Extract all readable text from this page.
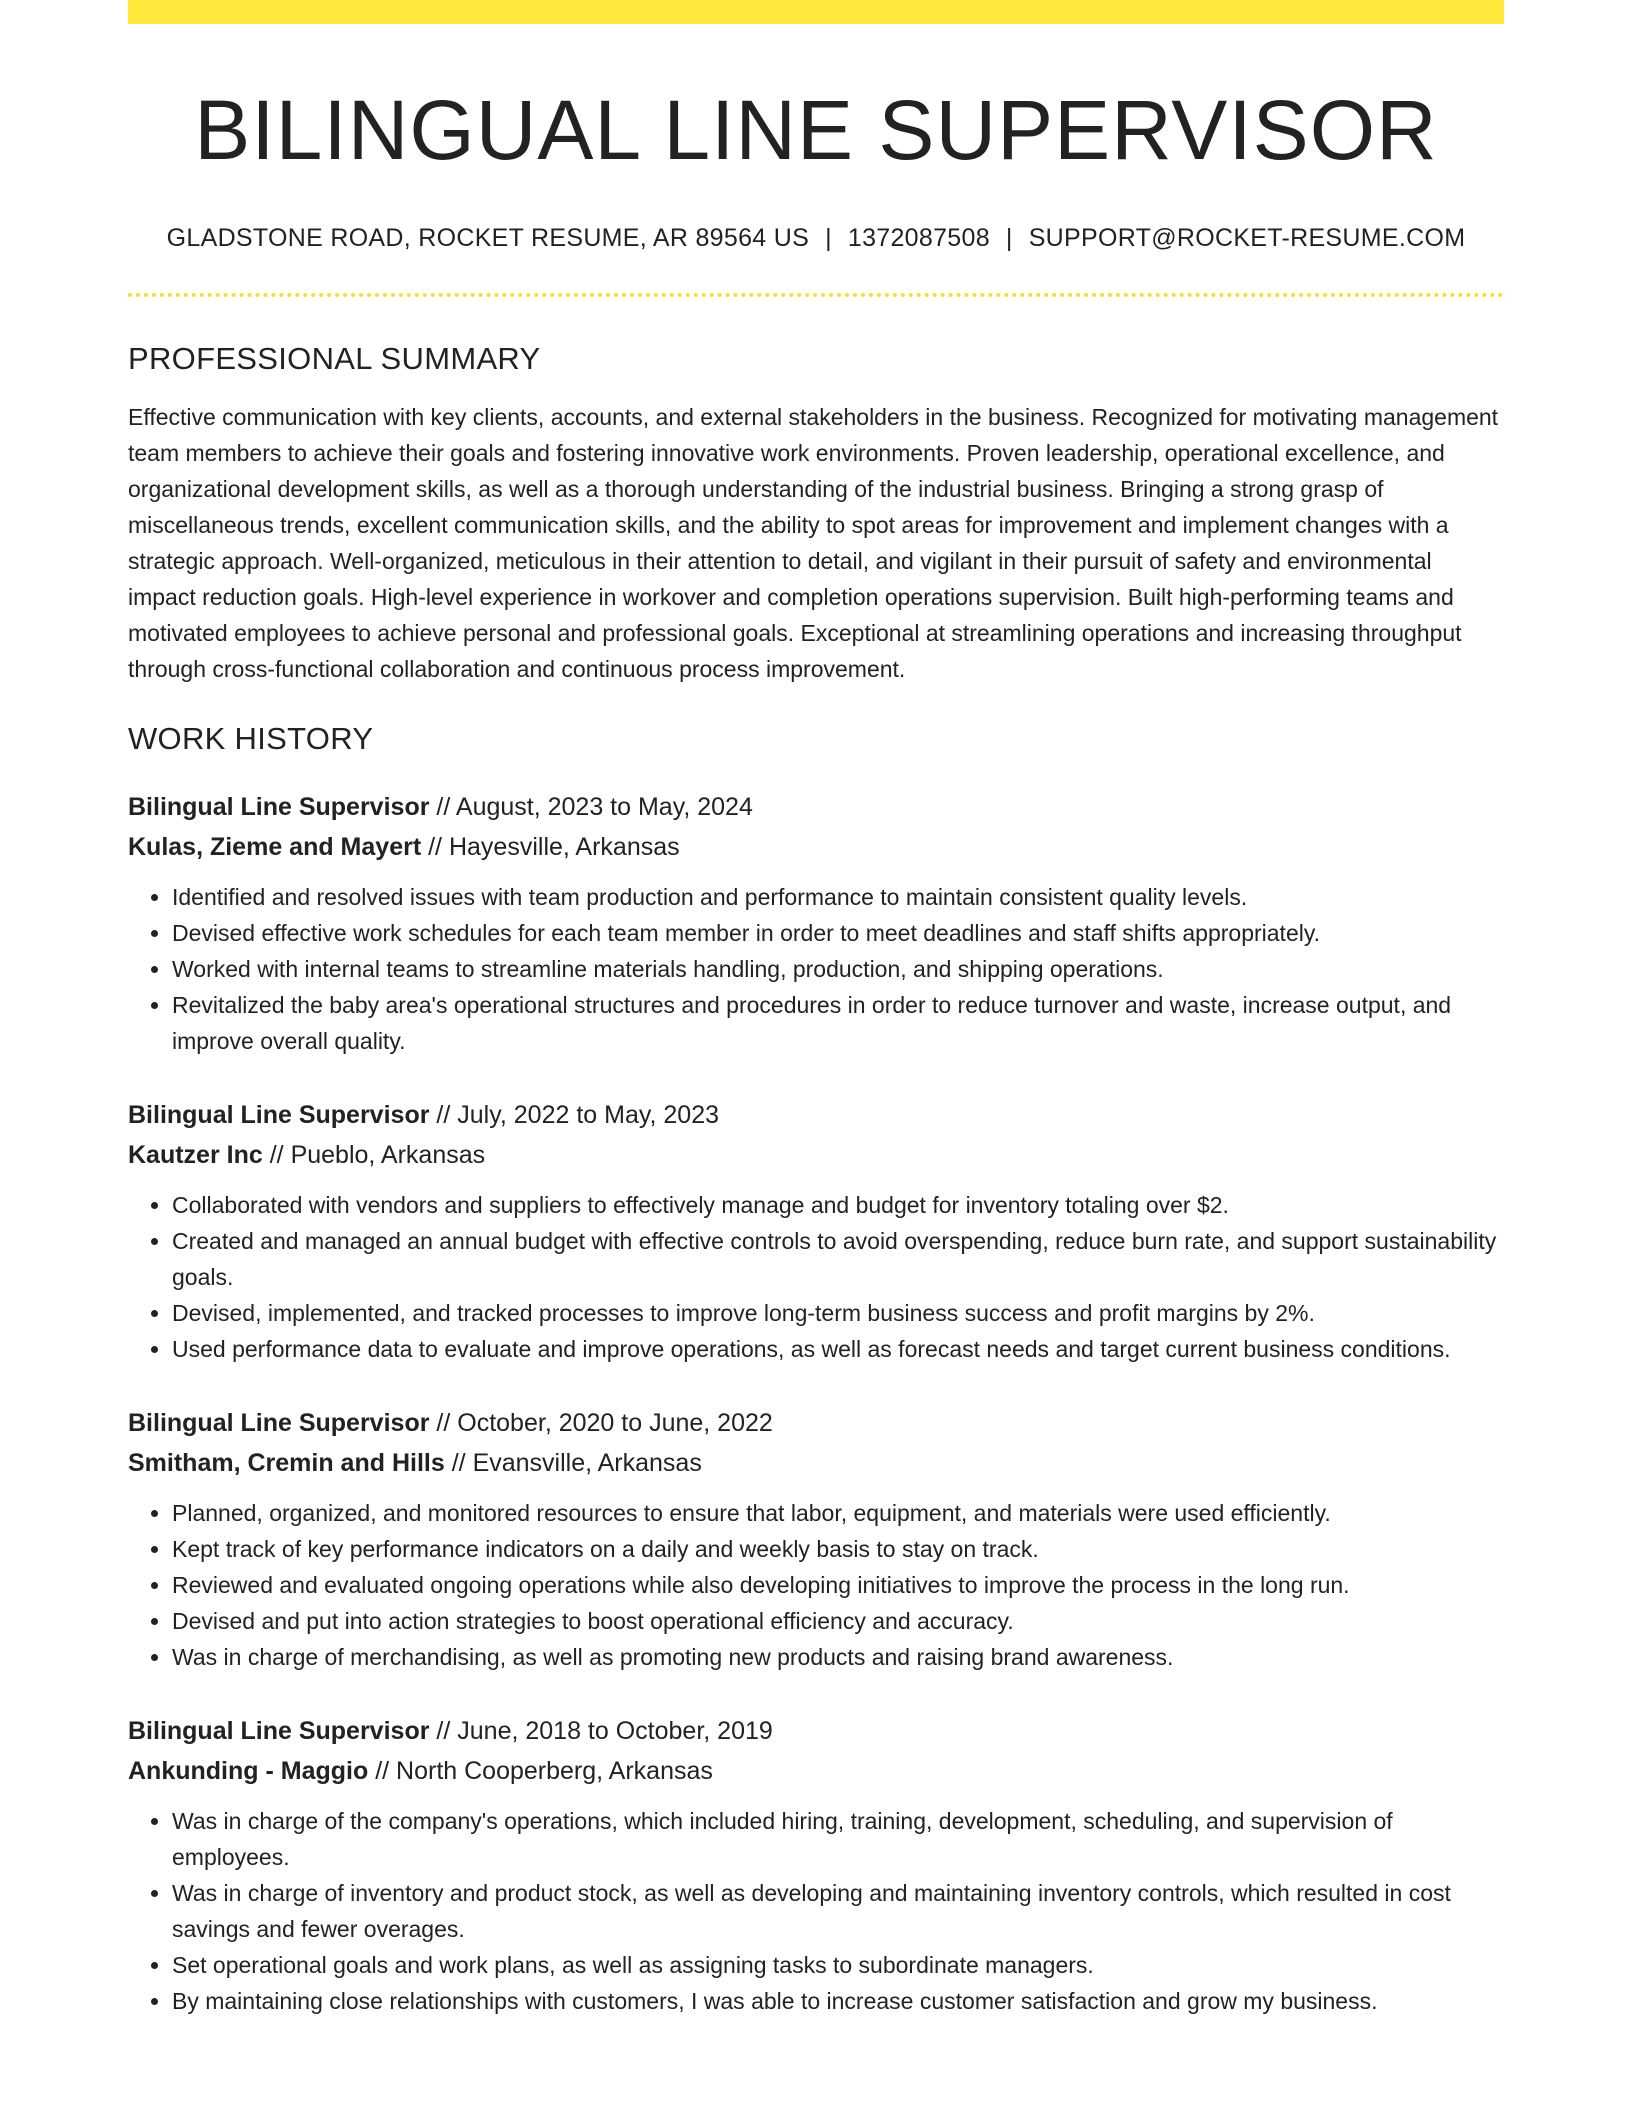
BILINGUAL LINE SUPERVISOR
GLADSTONE ROAD, ROCKET RESUME, AR 89564 US | 1372087508 | SUPPORT@ROCKET-RESUME.COM
PROFESSIONAL SUMMARY
Effective communication with key clients, accounts, and external stakeholders in the business. Recognized for motivating management team members to achieve their goals and fostering innovative work environments. Proven leadership, operational excellence, and organizational development skills, as well as a thorough understanding of the industrial business. Bringing a strong grasp of miscellaneous trends, excellent communication skills, and the ability to spot areas for improvement and implement changes with a strategic approach. Well-organized, meticulous in their attention to detail, and vigilant in their pursuit of safety and environmental impact reduction goals. High-level experience in workover and completion operations supervision. Built high-performing teams and motivated employees to achieve personal and professional goals. Exceptional at streamlining operations and increasing throughput through cross-functional collaboration and continuous process improvement.
WORK HISTORY
Bilingual Line Supervisor // August, 2023 to May, 2024
Kulas, Zieme and Mayert // Hayesville, Arkansas
• Identified and resolved issues with team production and performance to maintain consistent quality levels.
• Devised effective work schedules for each team member in order to meet deadlines and staff shifts appropriately.
• Worked with internal teams to streamline materials handling, production, and shipping operations.
• Revitalized the baby area's operational structures and procedures in order to reduce turnover and waste, increase output, and improve overall quality.
Bilingual Line Supervisor // July, 2022 to May, 2023
Kautzer Inc // Pueblo, Arkansas
• Collaborated with vendors and suppliers to effectively manage and budget for inventory totaling over $2.
• Created and managed an annual budget with effective controls to avoid overspending, reduce burn rate, and support sustainability goals.
• Devised, implemented, and tracked processes to improve long-term business success and profit margins by 2%.
• Used performance data to evaluate and improve operations, as well as forecast needs and target current business conditions.
Bilingual Line Supervisor // October, 2020 to June, 2022
Smitham, Cremin and Hills // Evansville, Arkansas
• Planned, organized, and monitored resources to ensure that labor, equipment, and materials were used efficiently.
• Kept track of key performance indicators on a daily and weekly basis to stay on track.
• Reviewed and evaluated ongoing operations while also developing initiatives to improve the process in the long run.
• Devised and put into action strategies to boost operational efficiency and accuracy.
• Was in charge of merchandising, as well as promoting new products and raising brand awareness.
Bilingual Line Supervisor // June, 2018 to October, 2019
Ankunding - Maggio // North Cooperberg, Arkansas
• Was in charge of the company's operations, which included hiring, training, development, scheduling, and supervision of employees.
• Was in charge of inventory and product stock, as well as developing and maintaining inventory controls, which resulted in cost savings and fewer overages.
• Set operational goals and work plans, as well as assigning tasks to subordinate managers.
• By maintaining close relationships with customers, I was able to increase customer satisfaction and grow my business.
